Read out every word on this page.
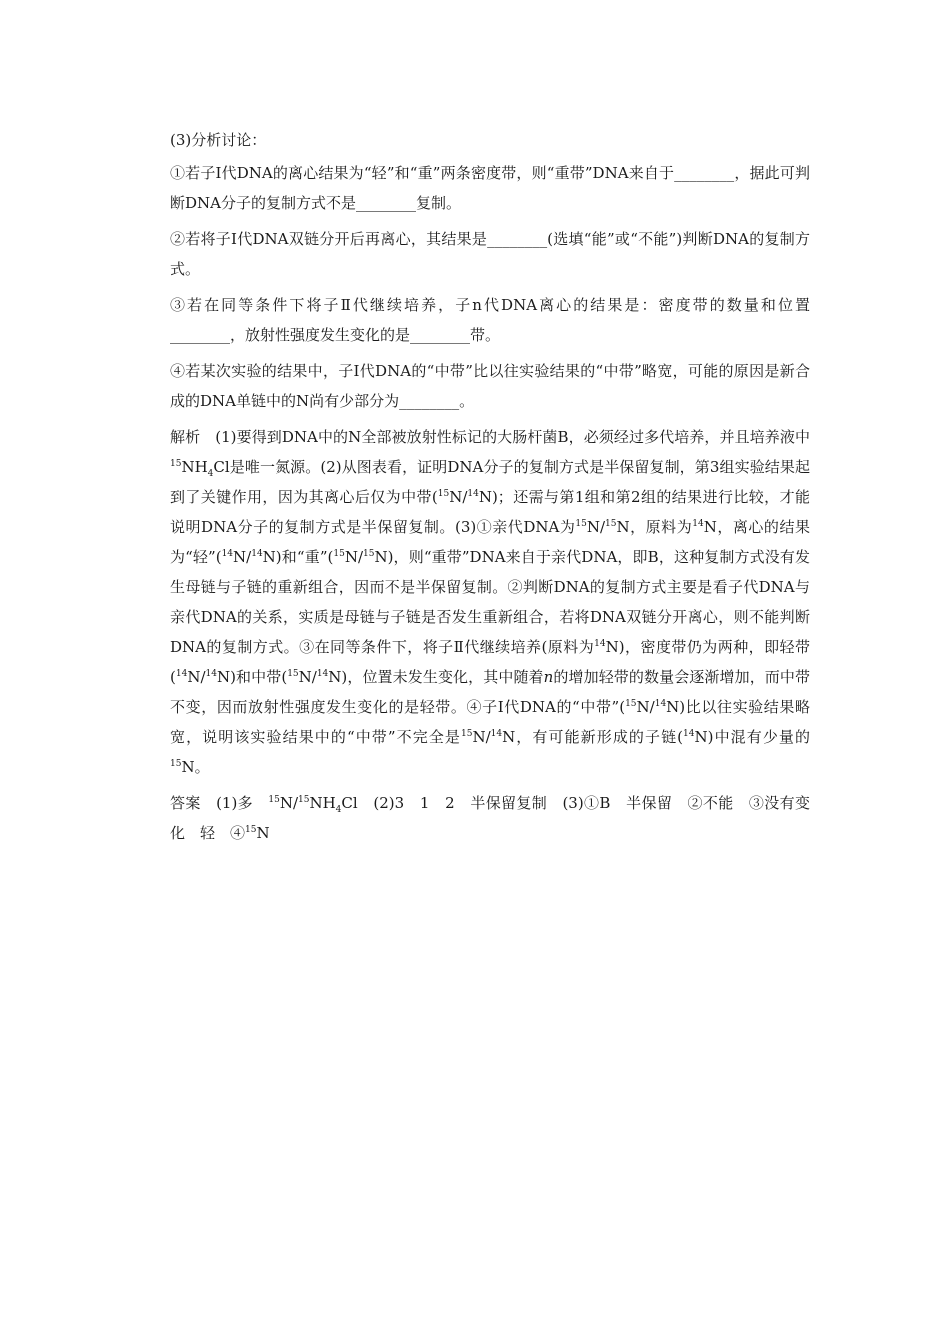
(3)分析讨论：

①若子Ⅰ代DNA的离心结果为“轻”和“重”两条密度带，则“重带”DNA来自于________，据此可判断DNA分子的复制方式不是________复制。

②若将子Ⅰ代DNA双链分开后再离心，其结果是________(选填“能”或“不能”)判断DNA的复制方式。

③若在同等条件下将子Ⅱ代继续培养，子n代DNA离心的结果是：密度带的数量和位置________，放射性强度发生变化的是________带。

④若某次实验的结果中，子Ⅰ代DNA的“中带”比以往实验结果的“中带”略宽，可能的原因是新合成的DNA单链中的N尚有少部分为________。

解析　 (1)要得到DNA中的N全部被放射性标记的大肠杆菌B，必须经过多代培养，并且培养液中$^{15}NH_4Cl$是唯一氮源。(2)从图表看，证明DNA分子的复制方式是半保留复制，第3组实验结果起到了关键作用，因为其离心后仅为中带($^{15}$N/$^{14}$N)；还需与第1组和第2组的结果进行比较，才能说明DNA分子的复制方式是半保留复制。(3)①亲代DNA为$^{15}$N/$^{15}$N，原料为$^{14}$N，离心的结果为“轻”($^{14}$N/$^{14}$N)和“重”($^{15}$N/$^{15}$N)，则“重带”DNA来自于亲代DNA，即B，这种复制方式没有发生母链与子链的重新组合，因而不是半保留复制。②判断DNA的复制方式主要是看子代DNA与亲代DNA的关系，实质是母链与子链是否发生重新组合，若将DNA双链分开离心，则不能判断DNA的复制方式。③在同等条件下，将子Ⅱ代继续培养(原料为$^{14}$N)，密度带仍为两种，即轻带($^{14}$N/$^{14}$N)和中带($^{15}$N/$^{14}$N)，位置未发生变化，其中随着n的增加轻带的数量会逐渐增加，而中带不变，因而放射性强度发生变化的是轻带。④子Ⅰ代DNA的“中带”($^{15}$N/$^{14}$N)比以往实验结果略宽，说明该实验结果中的“中带”不完全是$^{15}$N/$^{14}$N，有可能新形成的子链($^{14}$N)中混有少量的$^{15}$N。

答案　 (1)多　$^{15}N/^{15}NH_4Cl$　(2)3　1　2　半保留复制　(3)①B　半保留　②不能　③没有变化　轻　④$^{15}$N
